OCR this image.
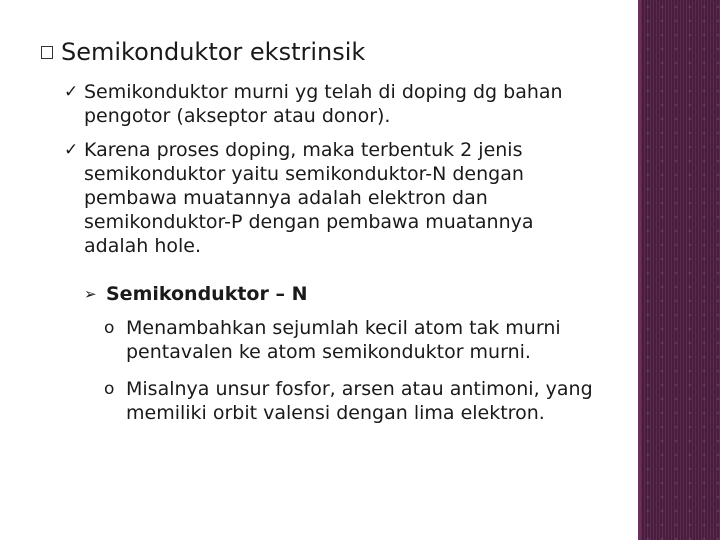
Semikonduktor ekstrinsik
✓ Semikonduktor murni yg telah di doping dg bahan pengotor (akseptor atau donor).
✓ Karena proses doping, maka terbentuk 2 jenis semikonduktor yaitu semikonduktor-N dengan pembawa muatannya adalah elektron dan semikonduktor-P dengan pembawa muatannya adalah hole.
➢ Semikonduktor – N
o Menambahkan sejumlah kecil atom tak murni pentavalen ke atom semikonduktor murni.
o Misalnya unsur fosfor, arsen atau antimoni, yang memiliki orbit valensi dengan lima elektron.
